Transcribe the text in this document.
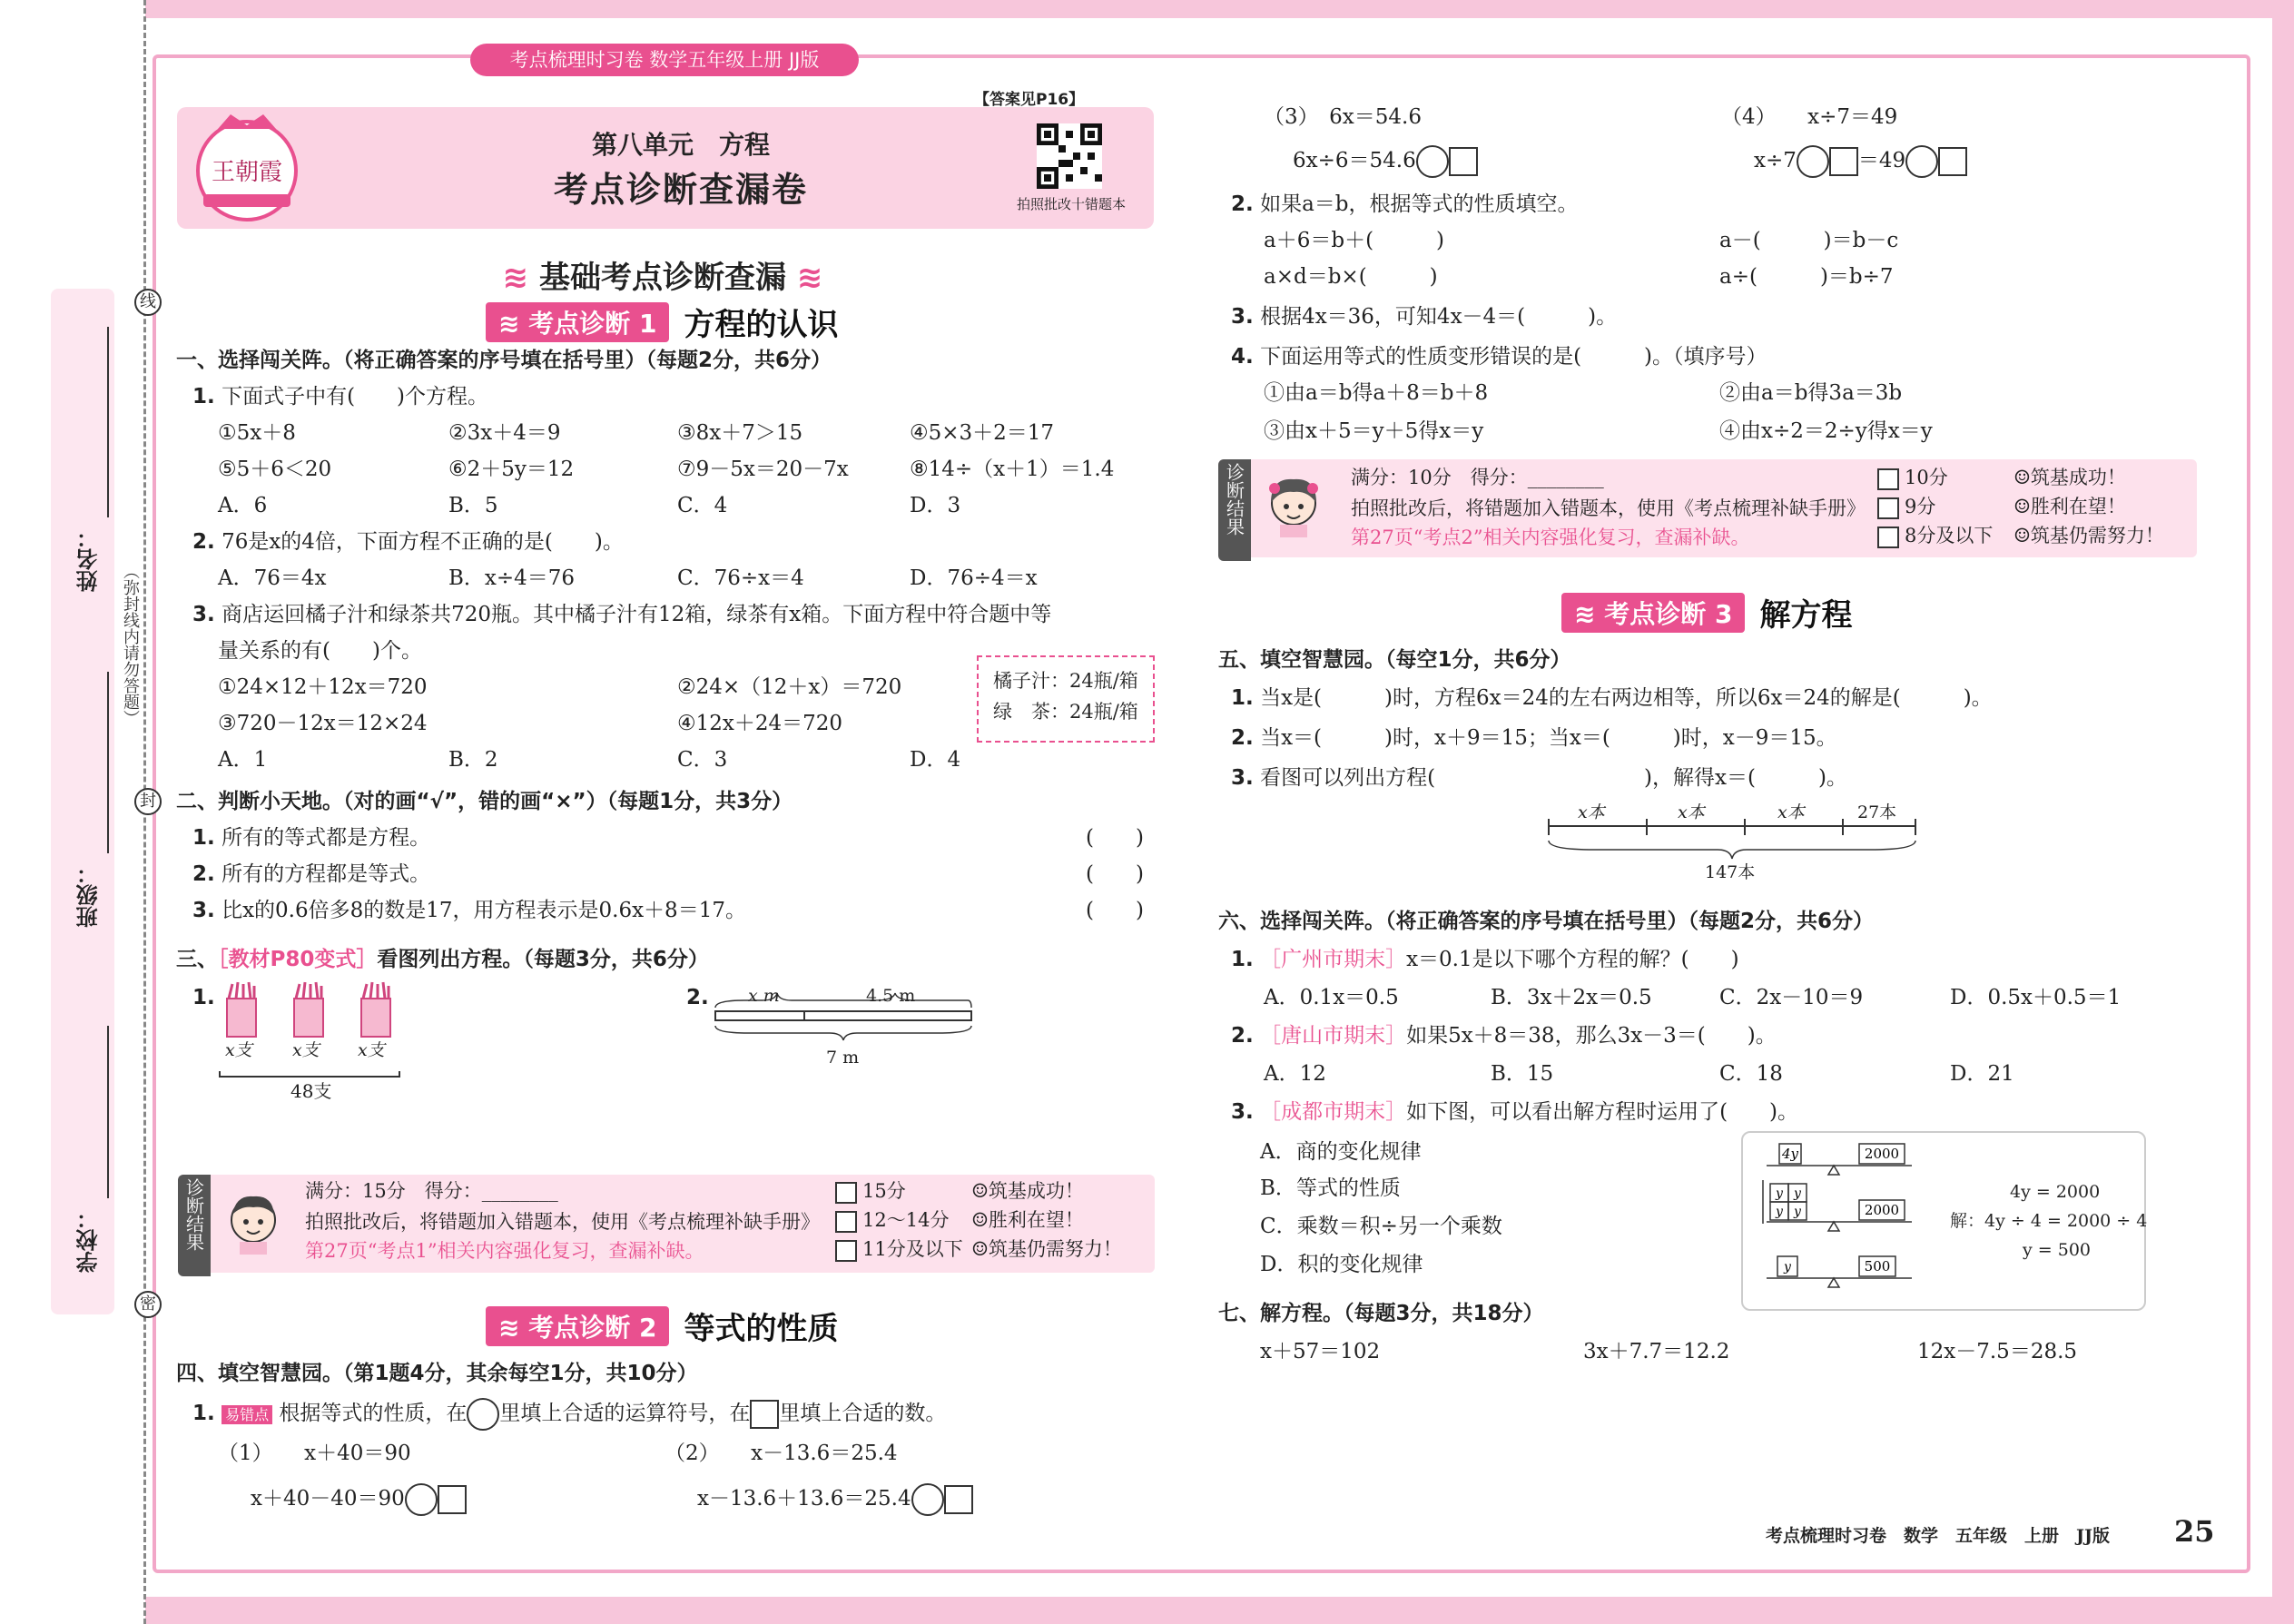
学校：
班级：
姓名：
线
封
密
（弥封线内请勿答题）
考点梳理时习卷 数学五年级上册 JJ版
【答案见P16】
王朝霞
第八单元　方程
考点诊断查漏卷	拍照批改十错题本
≋ 基础考点诊断查漏 ≋
≋ 考点诊断 1 方程的认识
一、选择闯关阵。（将正确答案的序号填在括号里）（每题2分，共6分）
1. 下面式子中有(　　)个方程。
①5x＋8	②3x＋4＝9	③8x＋7＞15	④5×3＋2＝17
⑤5＋6＜20	⑥2＋5y＝12	⑦9－5x＝20－7x	⑧14÷（x＋1）＝1.4
A．6	B．5	C．4	D．3
2. 76是x的4倍，下面方程不正确的是(　　)。
A．76＝4x	B．x÷4＝76	C．76÷x＝4	D．76÷4＝x
3. 商店运回橘子汁和绿茶共720瓶。其中橘子汁有12箱，绿茶有x箱。下面方程中符合题中等
量关系的有(　　)个。
①24×12＋12x＝720	②24×（12＋x）＝720
③720－12x＝12×24	④12x＋24＝720
A．1	B．2	C．3	D．4
橘子汁：24瓶/箱
绿　茶：24瓶/箱
二、判断小天地。（对的画“√”，错的画“×”）（每题1分，共3分）
1. 所有的等式都是方程。	(　　)
2. 所有的方程都是等式。	(　　)
3. 比x的0.6倍多8的数是17，用方程表示是0.6x＋8＝17。	(　　)
三、［教材P80变式］看图列出方程。（每题3分，共6分）
1.
x支 x支 x支
48支
2. x m	4.5 m
7 m
诊断结果	满分：15分　得分：________
拍照批改后，将错题加入错题本，使用《考点梳理补缺手册》
第27页“考点1”相关内容强化复习，查漏补缺。
15分
12～14分
11分及以下
☺筑基成功！
☺胜利在望！
☺筑基仍需努力！
≋ 考点诊断 2 等式的性质
四、填空智慧园。（第1题4分，其余每空1分，共10分）
1. 易错点 根据等式的性质，在 里填上合适的运算符号，在 里填上合适的数。
（1）　　x＋40＝90
x＋40－40＝90
（2）　　x－13.6＝25.4
x－13.6＋13.6＝25.4
（3）　6x＝54.6
6x÷6＝54.6
（4）　　x÷7＝49
x÷7	＝49
2. 如果a＝b，根据等式的性质填空。
a＋6＝b＋(　　　)
a×d＝b×(　　　)
a－(　　　)＝b－c
a÷(　　　)＝b÷7
3. 根据4x＝36，可知4x－4＝(　　　)。
4. 下面运用等式的性质变形错误的是(　　　)。（填序号）
①由a＝b得a＋8＝b＋8	②由a＝b得3a＝3b
③由x＋5＝y＋5得x＝y	④由x÷2＝2÷y得x＝y
诊断结果	满分：10分　得分：________
拍照批改后，将错题加入错题本，使用《考点梳理补缺手册》
第27页“考点2”相关内容强化复习，查漏补缺。
10分
9分
8分及以下
☺筑基成功！
☺胜利在望！
☺筑基仍需努力！
≋ 考点诊断 3 解方程
五、填空智慧园。（每空1分，共6分）
1. 当x是(　　　)时，方程6x＝24的左右两边相等，所以6x＝24的解是(　　　)。
2. 当x＝(　　　)时，x＋9＝15；当x＝(　　　)时，x－9＝15。
3. 看图可以列出方程(　　　　　　　　　　)，解得x＝(　　　)。
x本	x本	x本	27本
147本
六、选择闯关阵。（将正确答案的序号填在括号里）（每题2分，共6分）
1. ［广州市期末］x＝0.1是以下哪个方程的解？(　　)
A．0.1x＝0.5	B．3x＋2x＝0.5	C．2x－10＝9	D．0.5x＋0.5＝1
2. ［唐山市期末］如果5x＋8＝38，那么3x－3＝(　　)。
A．12	B．15	C．18	D．21
3. ［成都市期末］如下图，可以看出解方程时运用了(　　)。
A．商的变化规律
B．等式的性质
C．乘数＝积÷另一个乘数
D．积的变化规律
4y	2000
y y
y y	2000
y	500
4y = 2000
解：4y ÷ 4 = 2000 ÷ 4
y = 500
七、解方程。（每题3分，共18分）
x＋57＝102	3x＋7.7＝12.2	12x－7.5＝28.5
考点梳理时习卷　数学　五年级　上册　JJ版 25
